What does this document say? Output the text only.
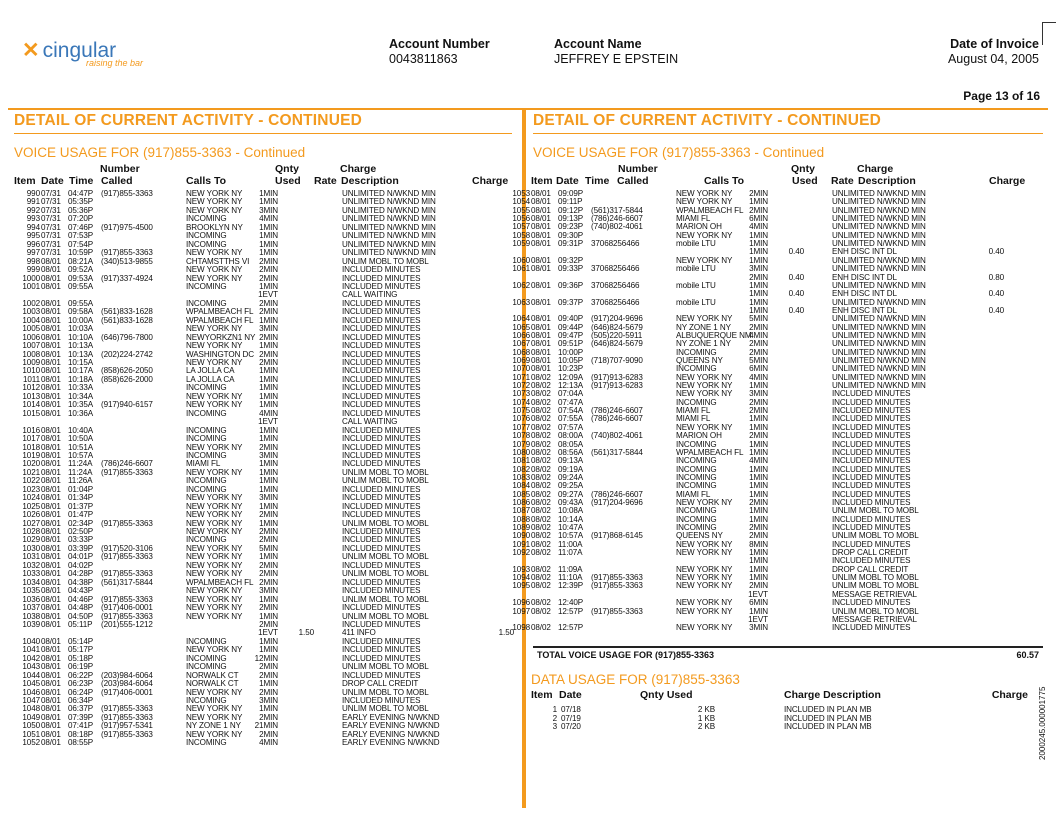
✕ cingular
raising the bar
Account Number
0043811863
Account Name
JEFFREY E EPSTEIN
Date of Invoice
August 04, 2005
Page 13 of 16
DETAIL OF CURRENT ACTIVITY - CONTINUED
VOICE USAGE FOR (917)855-3363 - Continued
Number	Qnty	Charge
Item Date Time Called	Calls To	Used Rate Description	Charge
990 07/31 04:47P (917)855-3363	NEW YORK NY	1MIN	UNLIMITED N/WKND MIN
991 07/31 05:35P	NEW YORK NY	1MIN	UNLIMITED N/WKND MIN
992 07/31 05:36P	NEW YORK NY	3MIN	UNLIMITED N/WKND MIN
993 07/31 07:20P	INCOMING	4MIN	UNLIMITED N/WKND MIN
994 07/31 07:46P (917)975-4500	BROOKLYN NY	1MIN	UNLIMITED N/WKND MIN
995 07/31 07:53P	INCOMING	1MIN	UNLIMITED N/WKND MIN
996 07/31 07:54P	INCOMING	1MIN	UNLIMITED N/WKND MIN
997 07/31 10:59P (917)855-3363	NEW YORK NY	1MIN	UNLIMITED N/WKND MIN
998 08/01 08:21A (340)513-9855	CHTAMSTTHS VI	2MIN	UNLIM MOBL TO MOBL
999 08/01 09:52A	NEW YORK NY	2MIN	INCLUDED MINUTES
1000 08/01 09:53A (917)337-4924	NEW YORK NY	2MIN	INCLUDED MINUTES
1001 08/01 09:55A	INCOMING	1MIN	INCLUDED MINUTES
1EVT	CALL WAITING
1002 08/01 09:55A	INCOMING	2MIN	INCLUDED MINUTES
1003 08/01 09:58A (561)833-1628	WPALMBEACH FL 2MIN	INCLUDED MINUTES
1004 08/01 10:00A (561)833-1628	WPALMBEACH FL 1MIN	INCLUDED MINUTES
1005 08/01 10:03A	NEW YORK NY	3MIN	INCLUDED MINUTES
1006 08/01 10:10A (646)796-7800	NEWYORKZN1 NY 2MIN	INCLUDED MINUTES
1007 08/01 10:13A	NEW YORK NY	1MIN	INCLUDED MINUTES
1008 08/01 10:13A (202)224-2742	WASHINGTON DC 2MIN	INCLUDED MINUTES
1009 08/01 10:15A	NEW YORK NY	2MIN	INCLUDED MINUTES
1010 08/01 10:17A (858)626-2050	LA JOLLA CA	1MIN	INCLUDED MINUTES
1011 08/01 10:18A (858)626-2000	LA JOLLA CA	1MIN	INCLUDED MINUTES
1012 08/01 10:33A	INCOMING	1MIN	INCLUDED MINUTES
1013 08/01 10:34A	NEW YORK NY	1MIN	INCLUDED MINUTES
1014 08/01 10:35A (917)940-6157	NEW YORK NY	1MIN	INCLUDED MINUTES
1015 08/01 10:36A	INCOMING	4MIN	INCLUDED MINUTES
1EVT	CALL WAITING
1016 08/01 10:40A	INCOMING	1MIN	INCLUDED MINUTES
1017 08/01 10:50A	INCOMING	1MIN	INCLUDED MINUTES
1018 08/01 10:51A	NEW YORK NY	2MIN	INCLUDED MINUTES
1019 08/01 10:57A	INCOMING	3MIN	INCLUDED MINUTES
1020 08/01 11:24A (786)246-6607	MIAMI FL	1MIN	INCLUDED MINUTES
1021 08/01 11:24A (917)855-3363	NEW YORK NY	1MIN	UNLIM MOBL TO MOBL
1022 08/01 11:26A	INCOMING	1MIN	UNLIM MOBL TO MOBL
1023 08/01 01:04P	INCOMING	1MIN	INCLUDED MINUTES
1024 08/01 01:34P	NEW YORK NY	3MIN	INCLUDED MINUTES
1025 08/01 01:37P	NEW YORK NY	1MIN	INCLUDED MINUTES
1026 08/01 01:47P	NEW YORK NY	2MIN	INCLUDED MINUTES
1027 08/01 02:34P (917)855-3363	NEW YORK NY	1MIN	UNLIM MOBL TO MOBL
1028 08/01 02:50P	NEW YORK NY	2MIN	INCLUDED MINUTES
1029 08/01 03:33P	INCOMING	2MIN	INCLUDED MINUTES
1030 08/01 03:39P (917)520-3106	NEW YORK NY	5MIN	INCLUDED MINUTES
1031 08/01 04:01P (917)855-3363	NEW YORK NY	1MIN	UNLIM MOBL TO MOBL
1032 08/01 04:02P	NEW YORK NY	2MIN	INCLUDED MINUTES
1033 08/01 04:28P (917)855-3363	NEW YORK NY	2MIN	UNLIM MOBL TO MOBL
1034 08/01 04:38P (561)317-5844	WPALMBEACH FL 2MIN	INCLUDED MINUTES
1035 08/01 04:43P	NEW YORK NY	3MIN	INCLUDED MINUTES
1036 08/01 04:46P (917)855-3363	NEW YORK NY	1MIN	UNLIM MOBL TO MOBL
1037 08/01 04:48P (917)406-0001	NEW YORK NY	2MIN	INCLUDED MINUTES
1038 08/01 04:50P (917)855-3363	NEW YORK NY	1MIN	UNLIM MOBL TO MOBL
1039 08/01 05:11P (201)555-1212	2MIN	INCLUDED MINUTES
1EVT	1.50	411 INFO	1.50
1040 08/01 05:14P	INCOMING	1MIN	INCLUDED MINUTES
1041 08/01 05:17P	NEW YORK NY	1MIN	INCLUDED MINUTES
1042 08/01 05:18P	INCOMING	12MIN	INCLUDED MINUTES
1043 08/01 06:19P	INCOMING	2MIN	UNLIM MOBL TO MOBL
1044 08/01 06:22P (203)984-6064	NORWALK CT	2MIN	INCLUDED MINUTES
1045 08/01 06:23P (203)984-6064	NORWALK CT	1MIN	DROP CALL CREDIT
1046 08/01 06:24P (917)406-0001	NEW YORK NY	2MIN	UNLIM MOBL TO MOBL
1047 08/01 06:34P	INCOMING	3MIN	INCLUDED MINUTES
1048 08/01 06:37P (917)855-3363	NEW YORK NY	1MIN	UNLIM MOBL TO MOBL
1049 08/01 07:39P (917)855-3363	NEW YORK NY	2MIN	EARLY EVENING N/WKND
1050 08/01 07:41P (917)957-5341	NY ZONE 1 NY	21MIN	EARLY EVENING N/WKND
1051 08/01 08:18P (917)855-3363	NEW YORK NY	2MIN	EARLY EVENING N/WKND
1052 08/01 08:55P	INCOMING	4MIN	EARLY EVENING N/WKND
DETAIL OF CURRENT ACTIVITY - CONTINUED
VOICE USAGE FOR (917)855-3363 - Continued
Number	Qnty	Charge
Item Date Time Called	Calls To	Used Rate Description	Charge
1053 08/01 09:09P	NEW YORK NY	2MIN	UNLIMITED N/WKND MIN
1054 08/01 09:11P	NEW YORK NY	1MIN	UNLIMITED N/WKND MIN
1055 08/01 09:12P (561)317-5844	WPALMBEACH FL 2MIN	UNLIMITED N/WKND MIN
1056 08/01 09:13P (786)246-6607	MIAMI FL	6MIN	UNLIMITED N/WKND MIN
1057 08/01 09:23P (740)802-4061	MARION OH	4MIN	UNLIMITED N/WKND MIN
1058 08/01 09:30P	NEW YORK NY	1MIN	UNLIMITED N/WKND MIN
1059 08/01 09:31P 37068256466	mobile LTU	1MIN	UNLIMITED N/WKND MIN
1MIN	0.40	ENH DISC INT DL	0.40
1060 08/01 09:32P	NEW YORK NY	1MIN	UNLIMITED N/WKND MIN
1061 08/01 09:33P 37068256466	mobile LTU	3MIN	UNLIMITED N/WKND MIN
2MIN	0.40	ENH DISC INT DL	0.80
1062 08/01 09:36P 37068256466	mobile LTU	1MIN	UNLIMITED N/WKND MIN
1MIN	0.40	ENH DISC INT DL	0.40
1063 08/01 09:37P 37068256466	mobile LTU	1MIN	UNLIMITED N/WKND MIN
1MIN	0.40	ENH DISC INT DL	0.40
1064 08/01 09:40P (917)204-9696	NEW YORK NY	5MIN	UNLIMITED N/WKND MIN
1065 08/01 09:44P (646)824-5679	NY ZONE 1 NY	2MIN	UNLIMITED N/WKND MIN
1066 08/01 09:47P (505)220-5911	ALBUQUERQUE NM
4MIN	UNLIMITED N/WKND MIN
1067 08/01 09:51P (646)824-5679	NY ZONE 1 NY	2MIN	UNLIMITED N/WKND MIN
1068 08/01 10:00P	INCOMING	2MIN	UNLIMITED N/WKND MIN
1069 08/01 10:05P (718)707-9090	QUEENS NY	5MIN	UNLIMITED N/WKND MIN
1070 08/01 10:23P	INCOMING	6MIN	UNLIMITED N/WKND MIN
1071 08/02 12:09A (917)913-6283	NEW YORK NY	4MIN	UNLIMITED N/WKND MIN
1072 08/02 12:13A (917)913-6283	NEW YORK NY	1MIN	UNLIMITED N/WKND MIN
1073 08/02 07:04A	NEW YORK NY	3MIN	INCLUDED MINUTES
1074 08/02 07:47A	INCOMING	2MIN	INCLUDED MINUTES
1075 08/02 07:54A (786)246-6607	MIAMI FL	2MIN	INCLUDED MINUTES
1076 08/02 07:55A (786)246-6607	MIAMI FL	1MIN	INCLUDED MINUTES
1077 08/02 07:57A	NEW YORK NY	1MIN	INCLUDED MINUTES
1078 08/02 08:00A (740)802-4061	MARION OH	2MIN	INCLUDED MINUTES
1079 08/02 08:05A	INCOMING	1MIN	INCLUDED MINUTES
1080 08/02 08:56A (561)317-5844	WPALMBEACH FL 1MIN	INCLUDED MINUTES
1081 08/02 09:13A	INCOMING	4MIN	INCLUDED MINUTES
1082 08/02 09:19A	INCOMING	1MIN	INCLUDED MINUTES
1083 08/02 09:24A	INCOMING	1MIN	INCLUDED MINUTES
1084 08/02 09:25A	INCOMING	1MIN	INCLUDED MINUTES
1085 08/02 09:27A (786)246-6607	MIAMI FL	1MIN	INCLUDED MINUTES
1086 08/02 09:43A (917)204-9696	NEW YORK NY	2MIN	INCLUDED MINUTES
1087 08/02 10:08A	INCOMING	1MIN	UNLIM MOBL TO MOBL
1088 08/02 10:14A	INCOMING	1MIN	INCLUDED MINUTES
1089 08/02 10:47A	INCOMING	2MIN	INCLUDED MINUTES
1090 08/02 10:57A (917)868-6145	QUEENS NY	2MIN	UNLIM MOBL TO MOBL
1091 08/02 11:00A	NEW YORK NY	8MIN	INCLUDED MINUTES
1092 08/02 11:07A	NEW YORK NY	1MIN	DROP CALL CREDIT
1MIN	INCLUDED MINUTES
1093 08/02 11:09A	NEW YORK NY	1MIN	DROP CALL CREDIT
1094 08/02 11:10A (917)855-3363	NEW YORK NY	1MIN	UNLIM MOBL TO MOBL
1095 08/02 12:39P (917)855-3363	NEW YORK NY	2MIN	UNLIM MOBL TO MOBL
1EVT	MESSAGE RETRIEVAL
1096 08/02 12:40P	NEW YORK NY	6MIN	INCLUDED MINUTES
1097 08/02 12:57P (917)855-3363	NEW YORK NY	1MIN	UNLIM MOBL TO MOBL
1EVT	MESSAGE RETRIEVAL
1098 08/02 12:57P	NEW YORK NY	3MIN	INCLUDED MINUTES
TOTAL VOICE USAGE FOR (917)855-3363	60.57
DATA USAGE FOR (917)855-3363
Item Date	Qnty Used	Charge Description	Charge
1 07/18	2 KB	INCLUDED IN PLAN MB
2 07/19	1 KB	INCLUDED IN PLAN MB
3 07/20	2 KB	INCLUDED IN PLAN MB	2000245.000001775
